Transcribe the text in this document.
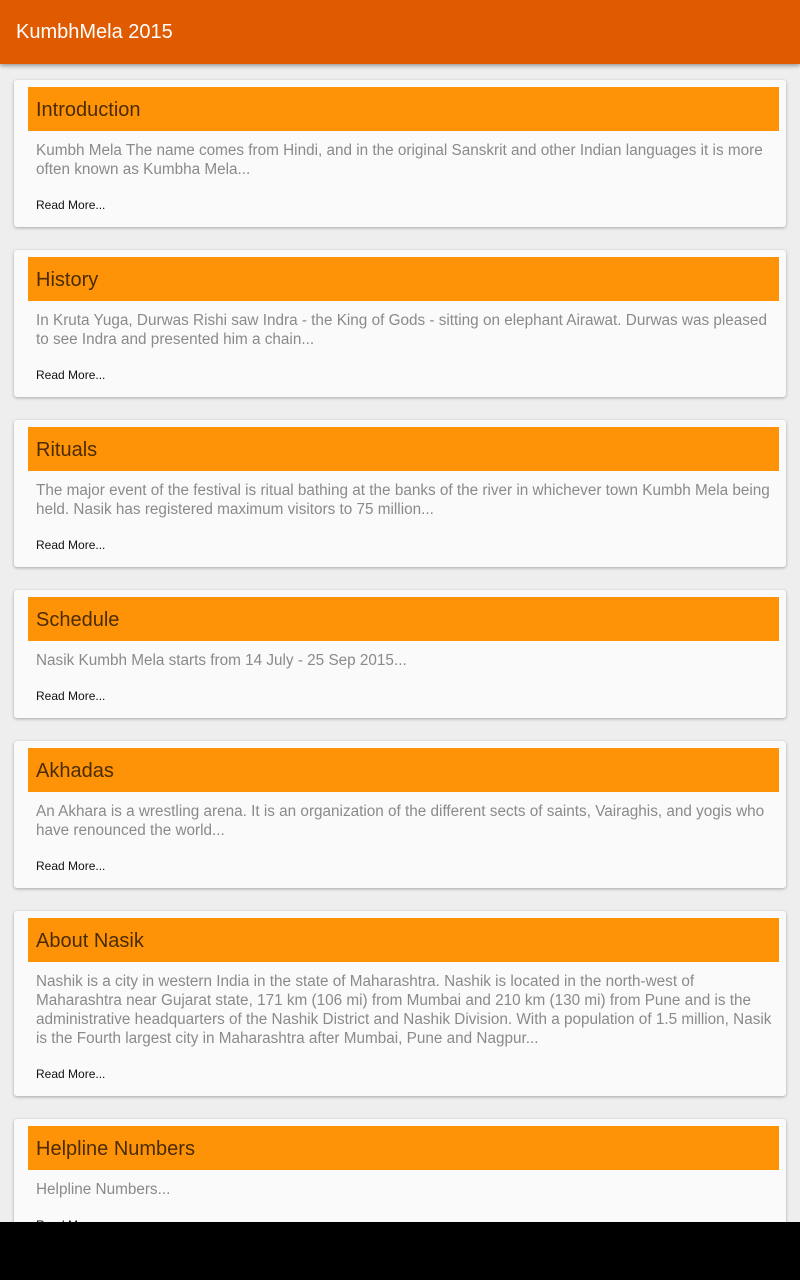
KumbhMela 2015
Introduction

Kumbh Mela The name comes from Hindi, and in the original Sanskrit and other Indian languages it is more often known as Kumbha Mela...

Read More...
History

In Kruta Yuga, Durwas Rishi saw Indra - the King of Gods - sitting on elephant Airawat. Durwas was pleased to see Indra and presented him a chain...

Read More...
Rituals

The major event of the festival is ritual bathing at the banks of the river in whichever town Kumbh Mela being held. Nasik has registered maximum visitors to 75 million...

Read More...
Schedule

Nasik Kumbh Mela starts from 14 July - 25 Sep 2015...

Read More...
Akhadas

An Akhara is a wrestling arena. It is an organization of the different sects of saints, Vairaghis, and yogis who have renounced the world...

Read More...
About Nasik

Nashik is a city in western India in the state of Maharashtra. Nashik is located in the north-west of Maharashtra near Gujarat state, 171 km (106 mi) from Mumbai and 210 km (130 mi) from Pune and is the administrative headquarters of the Nashik District and Nashik Division. With a population of 1.5 million, Nasik is the Fourth largest city in Maharashtra after Mumbai, Pune and Nagpur...

Read More...
Helpline Numbers

Helpline Numbers...
